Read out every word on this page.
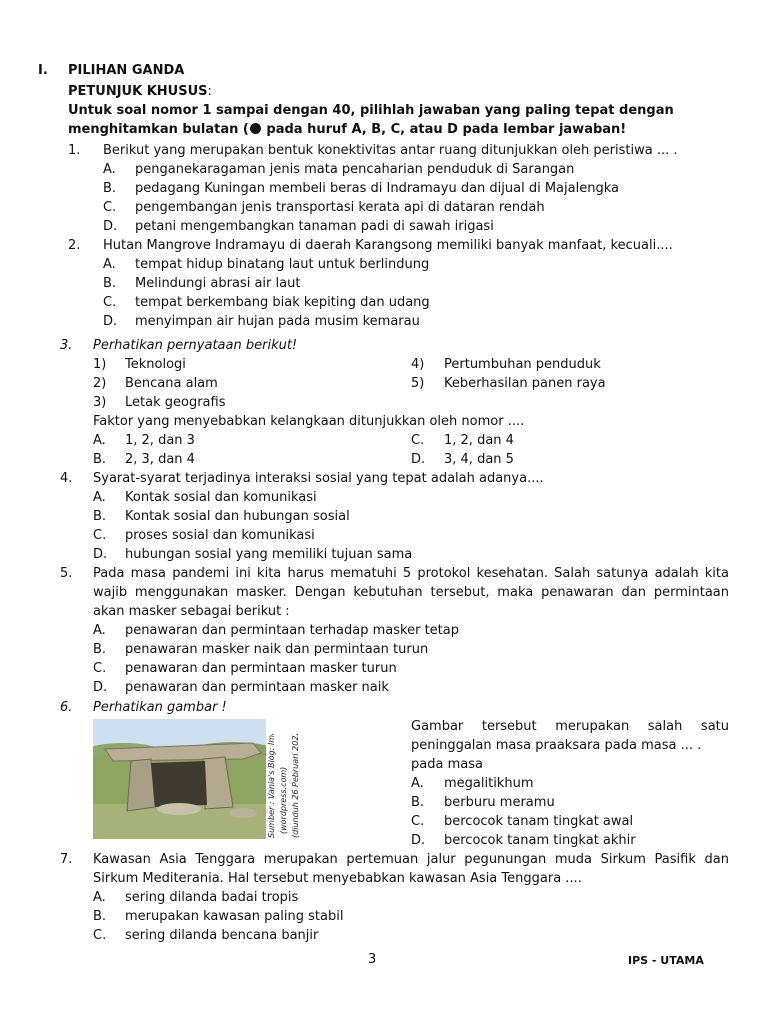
I. PILIHAN GANDA
PETUNJUK KHUSUS:
Untuk soal nomor 1 sampai dengan 40, pilihlah jawaban yang paling tepat dengan
menghitamkan bulatan ( pada huruf A, B, C, atau D pada lembar jawaban!
1. Berikut yang merupakan bentuk konektivitas antar ruang ditunjukkan oleh peristiwa ... .
A. penganekaragaman jenis mata pencaharian penduduk di Sarangan
B. pedagang Kuningan membeli beras di Indramayu dan dijual di Majalengka
C. pengembangan jenis transportasi kerata api di dataran rendah
D. petani mengembangkan tanaman padi di sawah irigasi
2. Hutan Mangrove Indramayu di daerah Karangsong memiliki banyak manfaat, kecuali....
A. tempat hidup binatang laut untuk berlindung
B. Melindungi abrasi air laut
C. tempat berkembang biak kepiting dan udang
D. menyimpan air hujan pada musim kemarau
3. Perhatikan pernyataan berikut!
1) Teknologi
2) Bencana alam
3) Letak geografis
4) Pertumbuhan penduduk
5) Keberhasilan panen raya
Faktor yang menyebabkan kelangkaan ditunjukkan oleh nomor ....
A. 1, 2, dan 3
B. 2, 3, dan 4
C. 1, 2, dan 4
D. 3, 4, dan 5
4. Syarat-syarat terjadinya interaksi sosial yang tepat adalah adanya....
A. Kontak sosial dan komunikasi
B. Kontak sosial dan hubungan sosial
C. proses sosial dan komunikasi
D. hubungan sosial yang memiliki tujuan sama
5. Pada masa pandemi ini kita harus mematuhi 5 protokol kesehatan. Salah satunya adalah kita
wajib menggunakan masker. Dengan kebutuhan tersebut, maka penawaran dan permintaan
akan masker sebagai berikut :
A. penawaran dan permintaan terhadap masker tetap
B. penawaran masker naik dan permintaan turun
C. penawaran dan permintaan masker turun
D. penawaran dan permintaan masker naik
6. Perhatikan gambar !
Sumber : Vania's Blog: Image (wordpress.com) (diunduh 26 Pebruari 2022)
Gambar tersebut merupakan salah satu
peninggalan masa praaksara pada masa ... .
pada masa
A. megalitikhum
B. berburu meramu
C. bercocok tanam tingkat awal
D. bercocok tanam tingkat akhir
7. Kawasan Asia Tenggara merupakan pertemuan jalur pegunungan muda Sirkum Pasifik dan
Sirkum Mediterania. Hal tersebut menyebabkan kawasan Asia Tenggara ....
A. sering dilanda badai tropis
B. merupakan kawasan paling stabil
C. sering dilanda bencana banjir
3	IPS - UTAMA
